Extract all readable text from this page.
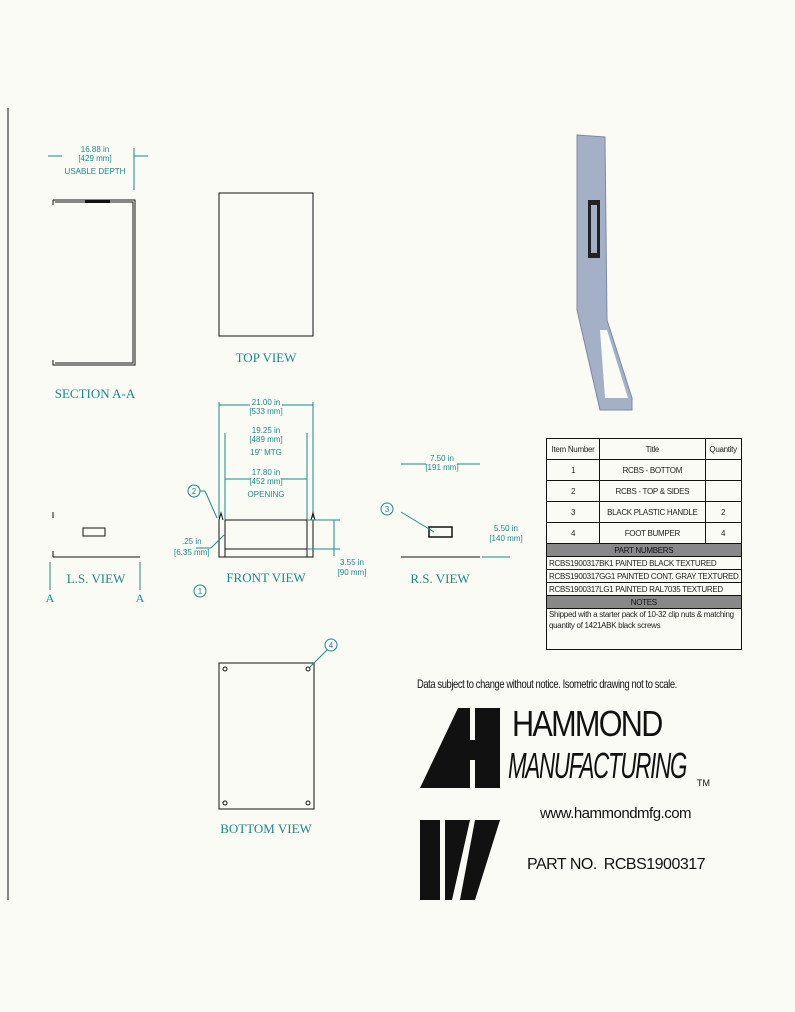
16.88 in
[429 mm]
USABLE DEPTH
SECTION A-A
TOP VIEW
21.00 in
[533 mm]
19.25 in
[489 mm]
19" MTG
17.80 in
[452 mm]
OPENING
.25 in
[6.35 mm]
3.55 in
[90 mm]
FRONT VIEW
2
1
A	A
L.S. VIEW
7.50 in
[191 mm]
5.50 in
[140 mm]
3
R.S. VIEW
4
BOTTOM VIEW
HAMMOND
MANUFACTURING	TM
www.hammondmfg.com
PART NO. RCBS1900317
Data subject to change without notice. Isometric drawing not to scale.
Item Number	Title	Quantity
1	RCBS - BOTTOM	
2	RCBS - TOP & SIDES	
3	BLACK PLASTIC HANDLE	2
4	FOOT BUMPER	4
PART NUMBERS		
RCBS1900317BK1 PAINTED BLACK TEXTURED		
RCBS1900317GG1 PAINTED CONT. GRAY TEXTURED		
RCBS1900317LG1 PAINTED RAL7035 TEXTURED		
NOTES		
Shipped with a starter pack of 10-32 clip nuts & matching quantity of 1421ABK black screws		
